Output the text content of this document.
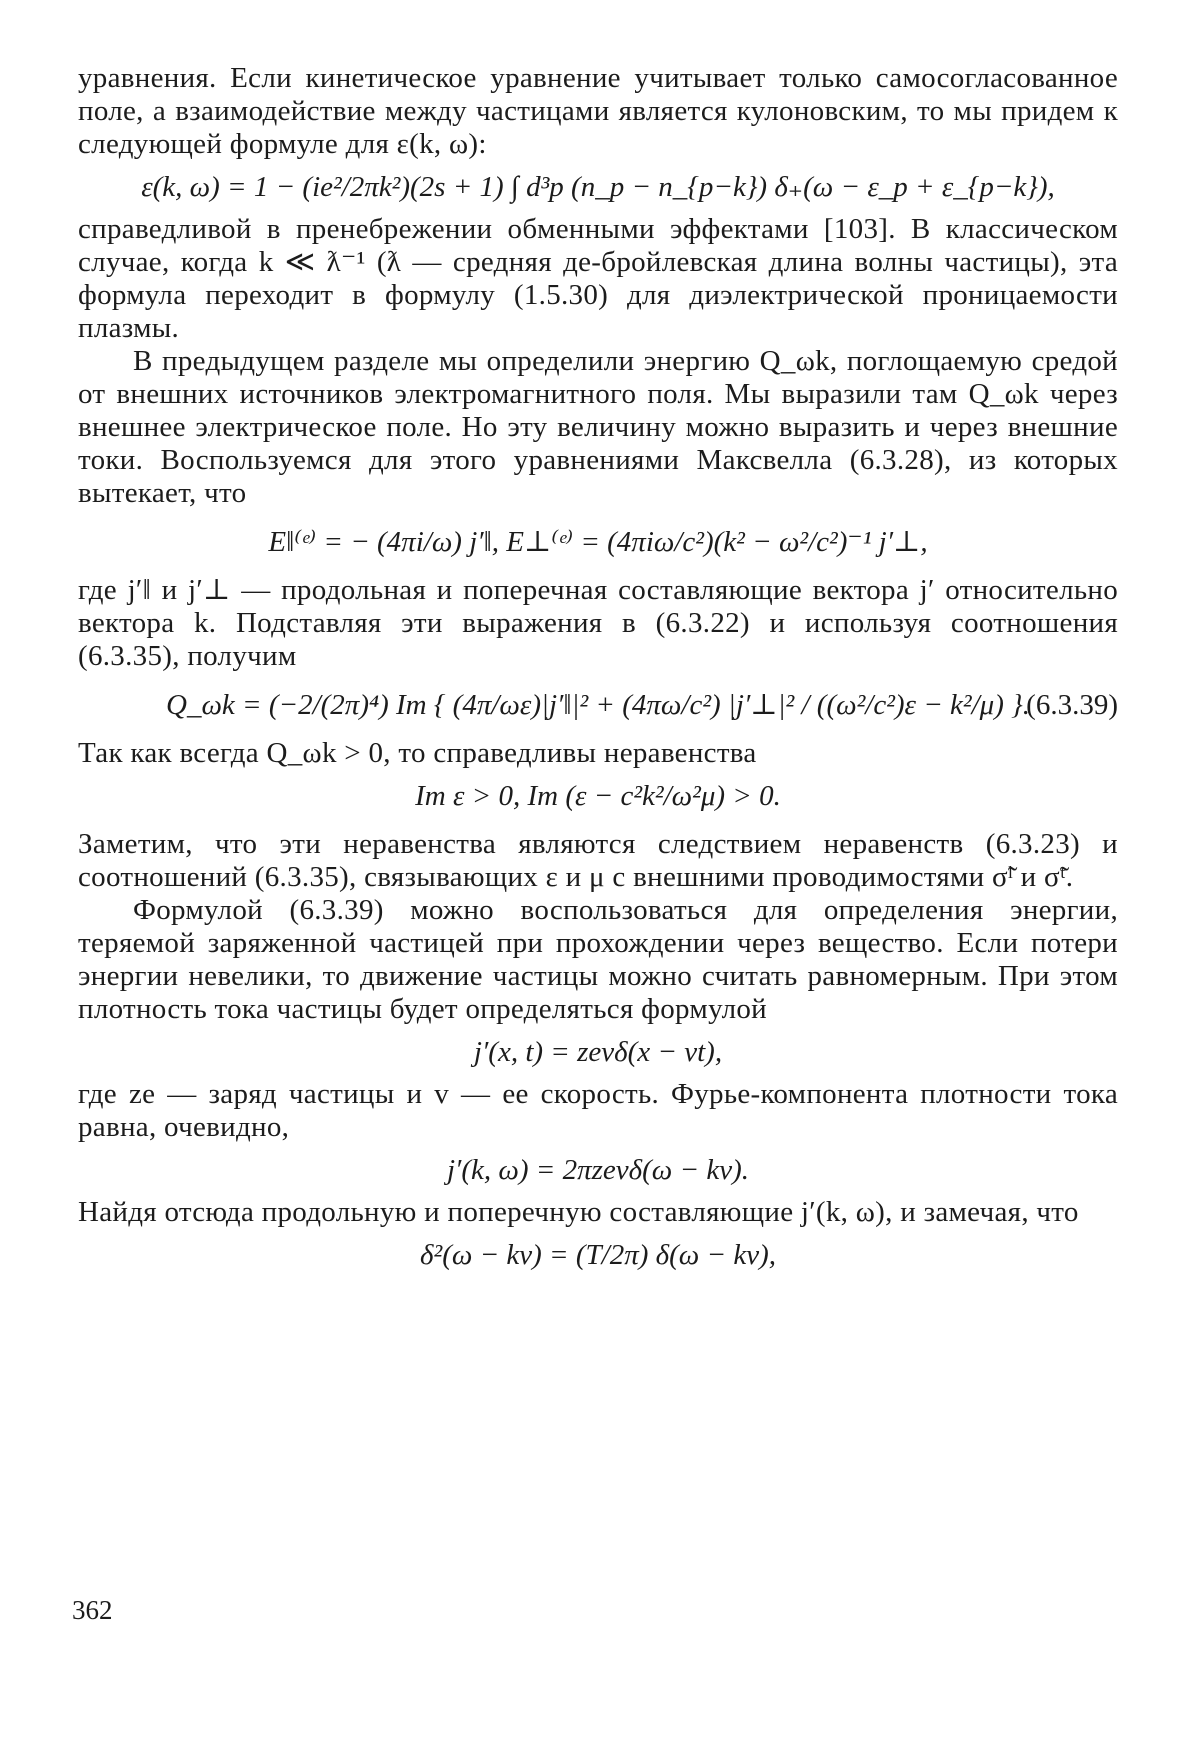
уравнения. Если кинетическое уравнение учитывает только самосогласованное поле, а взаимодействие между частицами является кулоновским, то мы придем к следующей формуле для ε(k, ω):

ε(k, ω) = 1 − (ie²/2πk²)(2s + 1) ∫ d³p (n_p − n_{p−k}) δ₊(ω − ε_p + ε_{p−k}),

справедливой в пренебрежении обменными эффектами [103]. В классическом случае, когда k ≪ ƛ⁻¹ (ƛ — средняя де-бройлевская длина волны частицы), эта формула переходит в формулу (1.5.30) для диэлектрической проницаемости плазмы.

В предыдущем разделе мы определили энергию Q_ωk, поглощаемую средой от внешних источников электромагнитного поля. Мы выразили там Q_ωk через внешнее электрическое поле. Но эту величину можно выразить и через внешние токи. Воспользуемся для этого уравнениями Максвелла (6.3.28), из которых вытекает, что

E‖⁽ᵉ⁾ = − (4πi/ω) j′‖, E⊥⁽ᵉ⁾ = (4πiω/c²)(k² − ω²/c²)⁻¹ j′⊥,

где j′‖ и j′⊥ — продольная и поперечная составляющие вектора j′ относительно вектора k. Подставляя эти выражения в (6.3.22) и используя соотношения (6.3.35), получим

Q_ωk = (−2/(2π)⁴) Im { (4π/ωε)|j′‖|² + (4πω/c²) |j′⊥|² / ((ω²/c²)ε − k²/μ) }.
(6.3.39)

Так как всегда Q_ωk > 0, то справедливы неравенства

Im ε > 0, Im (ε − c²k²/ω²μ) > 0.

Заметим, что эти неравенства являются следствием неравенств (6.3.23) и соотношений (6.3.35), связывающих ε и μ с внешними проводимостями σ̃ˡ и σ̃ᵗ.

Формулой (6.3.39) можно воспользоваться для определения энергии, теряемой заряженной частицей при прохождении через вещество. Если потери энергии невелики, то движение частицы можно считать равномерным. При этом плотность тока частицы будет определяться формулой

j′(x, t) = zevδ(x − vt),

где ze — заряд частицы и v — ее скорость. Фурье-компонента плотности тока равна, очевидно,

j′(k, ω) = 2πzevδ(ω − kv).

Найдя отсюда продольную и поперечную составляющие j′(k, ω), и замечая, что

δ²(ω − kv) = (T/2π) δ(ω − kv),

362
